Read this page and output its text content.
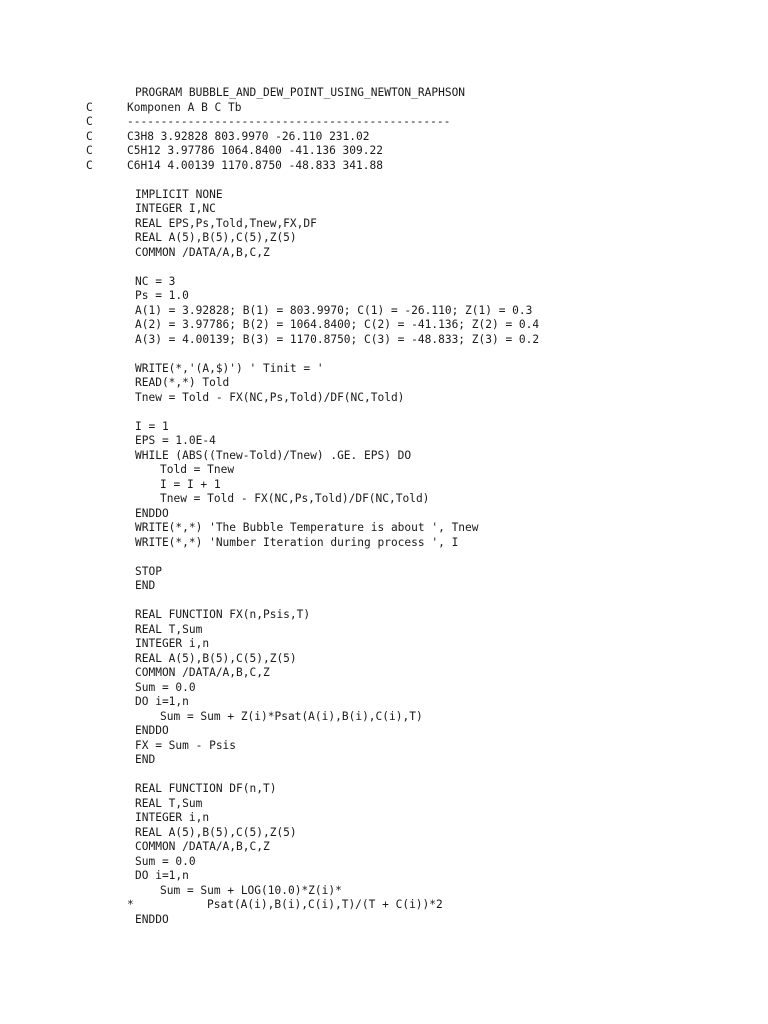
PROGRAM BUBBLE_AND_DEW_POINT_USING_NEWTON_RAPHSON
C	Komponen A B C Tb
C	------------------------------------------------
C	C3H8 3.92828 803.9970 -26.110 231.02
C	C5H12 3.97786 1064.8400 -41.136 309.22
C	C6H14 4.00139 1170.8750 -48.833 341.88
IMPLICIT NONE
INTEGER I,NC
REAL EPS,Ps,Told,Tnew,FX,DF
REAL A(5),B(5),C(5),Z(5)
COMMON /DATA/A,B,C,Z
NC = 3
Ps = 1.0
A(1) = 3.92828; B(1) = 803.9970; C(1) = -26.110; Z(1) = 0.3
A(2) = 3.97786; B(2) = 1064.8400; C(2) = -41.136; Z(2) = 0.4
A(3) = 4.00139; B(3) = 1170.8750; C(3) = -48.833; Z(3) = 0.2
WRITE(*,'(A,$)') ' Tinit = '
READ(*,*) Told
Tnew = Told - FX(NC,Ps,Told)/DF(NC,Told)
I = 1
EPS = 1.0E-4
WHILE (ABS((Tnew-Told)/Tnew) .GE. EPS) DO
Told = Tnew
I = I + 1
Tnew = Told - FX(NC,Ps,Told)/DF(NC,Told)
ENDDO
WRITE(*,*) 'The Bubble Temperature is about ', Tnew
WRITE(*,*) 'Number Iteration during process ', I
STOP
END
REAL FUNCTION FX(n,Psis,T)
REAL T,Sum
INTEGER i,n
REAL A(5),B(5),C(5),Z(5)
COMMON /DATA/A,B,C,Z
Sum = 0.0
DO i=1,n
Sum = Sum + Z(i)*Psat(A(i),B(i),C(i),T)
ENDDO
FX = Sum - Psis
END
REAL FUNCTION DF(n,T)
REAL T,Sum
INTEGER i,n
REAL A(5),B(5),C(5),Z(5)
COMMON /DATA/A,B,C,Z
Sum = 0.0
DO i=1,n
Sum = Sum + LOG(10.0)*Z(i)*
*	Psat(A(i),B(i),C(i),T)/(T + C(i))*2
ENDDO
